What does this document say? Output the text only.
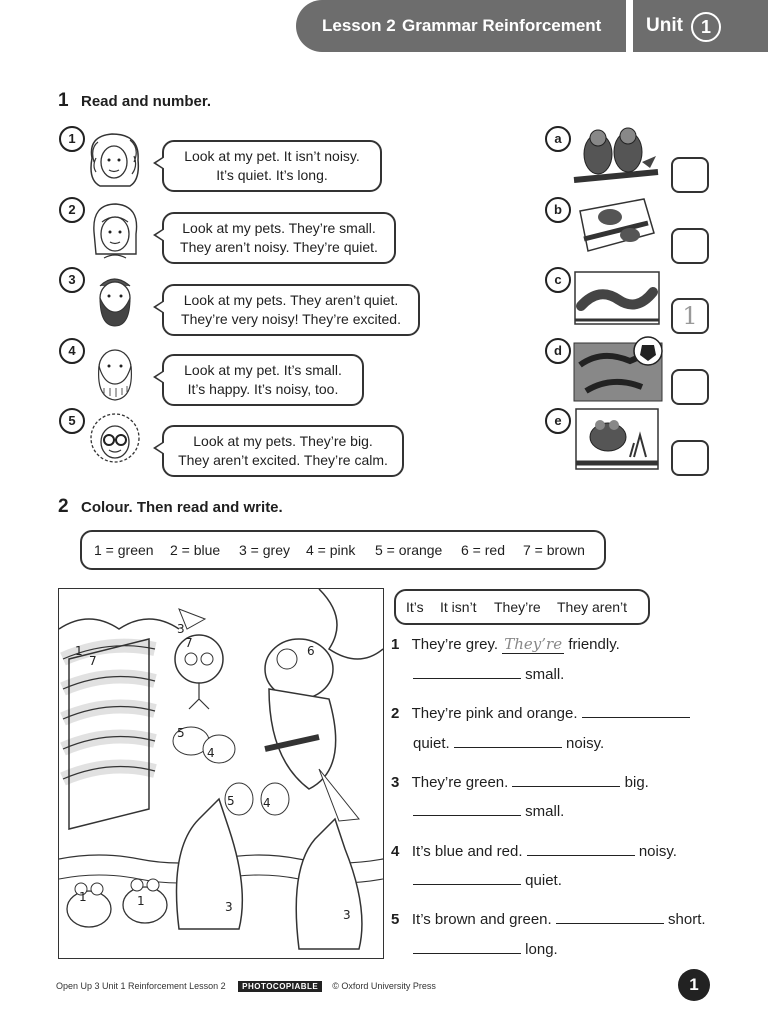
Lesson 2 Grammar Reinforcement Unit	1
1 Read and number.
1
Look at my pet. It isn’t noisy.
It’s quiet. It’s long.
2
Look at my pets. They’re small.
They aren’t noisy. They’re quiet.
3
Look at my pets. They aren’t quiet.
They’re very noisy! They’re excited.
4
Look at my pet. It’s small.
It’s happy. It’s noisy, too.
5
Look at my pets. They’re big.
They aren’t excited. They’re calm.
a
b
c
1
d
e
2 Colour. Then read and write.
1 = green 2 = blue 3 = grey 4 = pink 5 = orange 6 = red 7 = brown
3
7
1
7
6
5
4
5 4
1	1	3
3
It’s It isn’t They’re They aren’t
1 They’re grey. They’re friendly.
small.
2 They’re pink and orange.
quiet.	noisy.
3 They’re green.	big.
small.
4 It’s blue and red.	noisy.
quiet.
5 It’s brown and green.	short.
long.
Open Up 3 Unit 1 Reinforcement Lesson 2 PHOTOCOPIABLE © Oxford University Press	1
